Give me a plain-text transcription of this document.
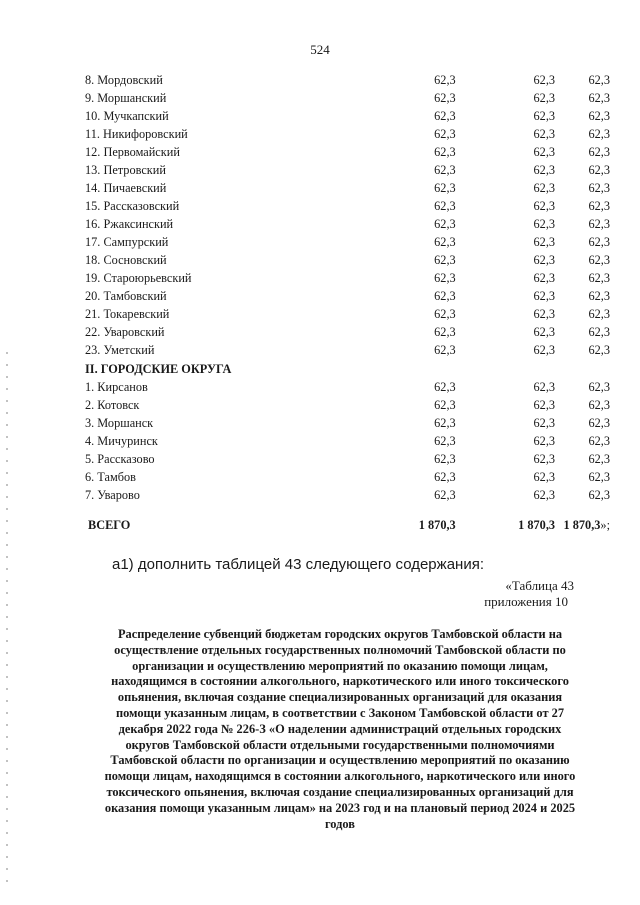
524
8. Мордовский	62,3	62,3	62,3
9. Моршанский	62,3	62,3	62,3
10. Мучкапский	62,3	62,3	62,3
11. Никифоровский	62,3	62,3	62,3
12. Первомайский	62,3	62,3	62,3
13. Петровский	62,3	62,3	62,3
14. Пичаевский	62,3	62,3	62,3
15. Рассказовский	62,3	62,3	62,3
16. Ржаксинский	62,3	62,3	62,3
17. Сампурский	62,3	62,3	62,3
18. Сосновский	62,3	62,3	62,3
19. Староюрьевский	62,3	62,3	62,3
20. Тамбовский	62,3	62,3	62,3
21. Токаревский	62,3	62,3	62,3
22. Уваровский	62,3	62,3	62,3
23. Уметский	62,3	62,3	62,3
II. ГОРОДСКИЕ ОКРУГА			
1. Кирсанов	62,3	62,3	62,3
2. Котовск	62,3	62,3	62,3
3. Моршанск	62,3	62,3	62,3
4. Мичуринск	62,3	62,3	62,3
5. Рассказово	62,3	62,3	62,3
6. Тамбов	62,3	62,3	62,3
7. Уварово	62,3	62,3	62,3
ВСЕГО	1 870,3	1 870,3	1 870,3»;
а1) дополнить таблицей 43 следующего содержания:
«Таблица 43
приложения 10
Распределение субвенций бюджетам городских округов Тамбовской области на осуществление отдельных государственных полномочий Тамбовской области по организации и осуществлению мероприятий по оказанию помощи лицам, находящимся в состоянии алкогольного, наркотического или иного токсического опьянения, включая создание специализированных организаций для оказания помощи указанным лицам, в соответствии с Законом Тамбовской области от 27 декабря 2022 года № 226-З «О наделении администраций отдельных городских округов Тамбовской области отдельными государственными полномочиями Тамбовской области по организации и осуществлению мероприятий по оказанию помощи лицам, находящимся в состоянии алкогольного, наркотического или иного токсического опьянения, включая создание специализированных организаций для оказания помощи указанным лицам» на 2023 год и на плановый период 2024 и 2025 годов
